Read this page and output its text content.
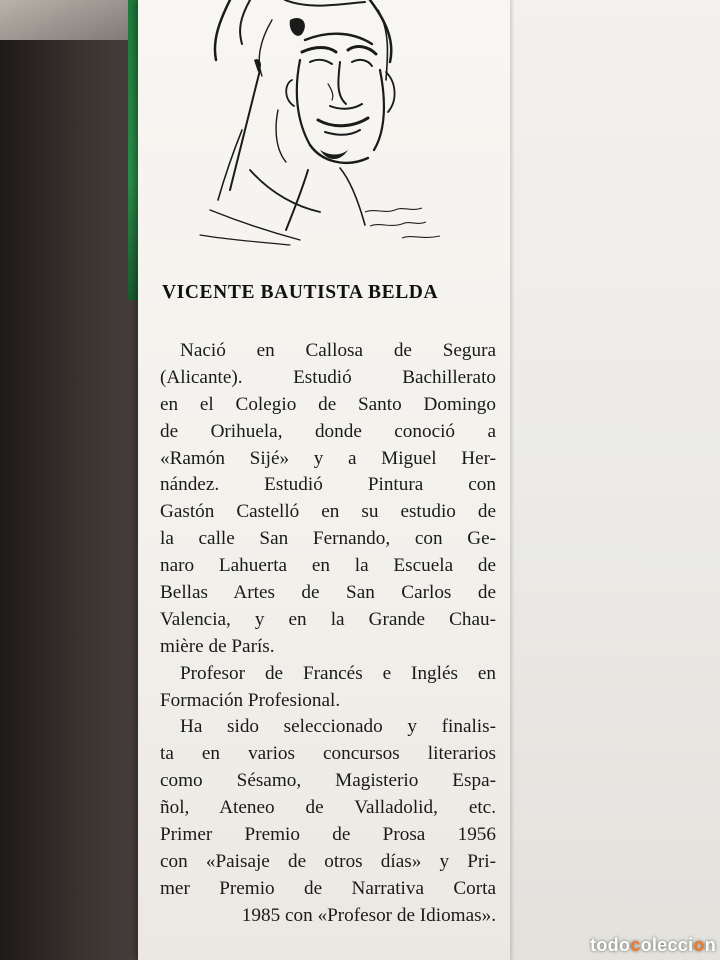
VICENTE BAUTISTA BELDA
Nació en Callosa de Segura
(Alicante). Estudió Bachillerato
en el Colegio de Santo Domingo
de Orihuela, donde conoció a
«Ramón Sijé» y a Miguel Her-
nández. Estudió Pintura con
Gastón Castelló en su estudio de
la calle San Fernando, con Ge-
naro Lahuerta en la Escuela de
Bellas Artes de San Carlos de
Valencia, y en la Grande Chau-
mière de París.
Profesor de Francés e Inglés en
Formación Profesional.
Ha sido seleccionado y finalis-
ta en varios concursos literarios
como Sésamo, Magisterio Espa-
ñol, Ateneo de Valladolid, etc.
Primer Premio de Prosa 1956
con «Paisaje de otros días» y Pri-
mer Premio de Narrativa Corta
1985 con «Profesor de Idiomas».
todocoleccion
